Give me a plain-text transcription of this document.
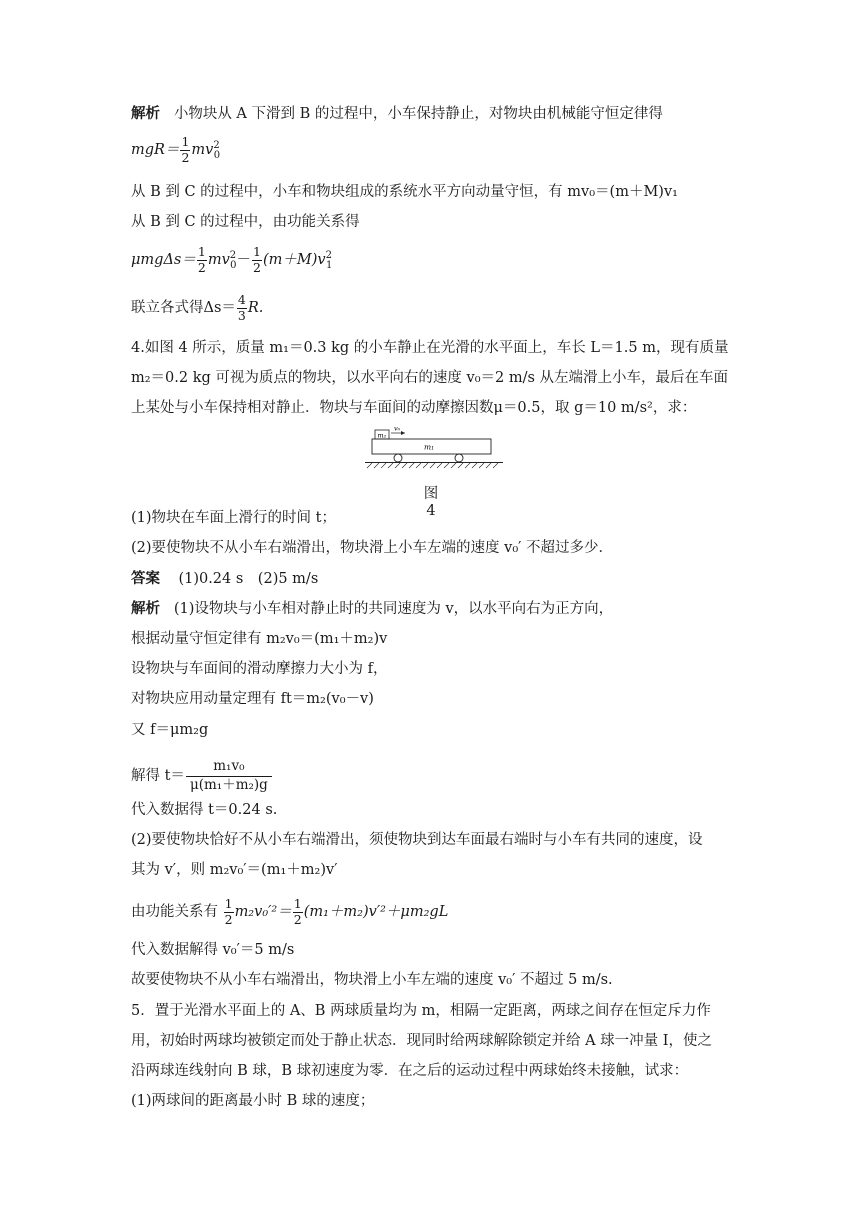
解析 小物块从 A 下滑到 B 的过程中，小车保持静止，对物块由机械能守恒定律得
$mgR= \frac{1}{2} mv^2_0$
从 B 到 C 的过程中，小车和物块组成的系统水平方向动量守恒，有 mv₀＝(m＋M)v₁
从 B 到 C 的过程中，由功能关系得
$\mu mg\Delta s= \frac{1}{2} mv^2_0- \frac{1}{2} (m+M)v^2_1$
联立各式得$\Delta s= \frac{4}{3} R$.
4.如图 4 所示，质量 m₁＝0.3 kg 的小车静止在光滑的水平面上，车长 L＝1.5 m，现有质量
m₂＝0.2 kg 可视为质点的物块，以水平向右的速度 v₀＝2 m/s 从左端滑上小车，最后在车面
上某处与小车保持相对静止．物块与车面间的动摩擦因数μ＝0.5，取 g＝10 m/s²，求：
m₂
v₀
m₁
图 4
(1)物块在车面上滑行的时间 t；
(2)要使物块不从小车右端滑出，物块滑上小车左端的速度 v₀′ 不超过多少．
答案 (1)0.24 s　(2)5 m/s
解析 (1)设物块与小车相对静止时的共同速度为 v，以水平向右为正方向，
根据动量守恒定律有 m₂v₀＝(m₁＋m₂)v
设物块与车面间的滑动摩擦力大小为 f，
对物块应用动量定理有 ft＝m₂(v₀－v)
又 f＝μm₂g
解得 $t= \frac{\text{m₁v₀}}{\text{μ(m₁＋m₂)g}}$
代入数据得 t＝0.24 s.
(2)要使物块恰好不从小车右端滑出，须使物块到达车面最右端时与小车有共同的速度，设
其为 v′，则 m₂v₀′＝(m₁＋m₂)v′
由功能关系有 $\frac{1}{2} m_2v_0'^2= \frac{1}{2} (m_1+m_2)v'^2+\mu m_2gL$
代入数据解得 v₀′＝5 m/s
故要使物块不从小车右端滑出，物块滑上小车左端的速度 v₀′ 不超过 5 m/s.
5．置于光滑水平面上的 A、B 两球质量均为 m，相隔一定距离，两球之间存在恒定斥力作
用，初始时两球均被锁定而处于静止状态．现同时给两球解除锁定并给 A 球一冲量 I，使之
沿两球连线射向 B 球，B 球初速度为零．在之后的运动过程中两球始终未接触，试求：
(1)两球间的距离最小时 B 球的速度；
